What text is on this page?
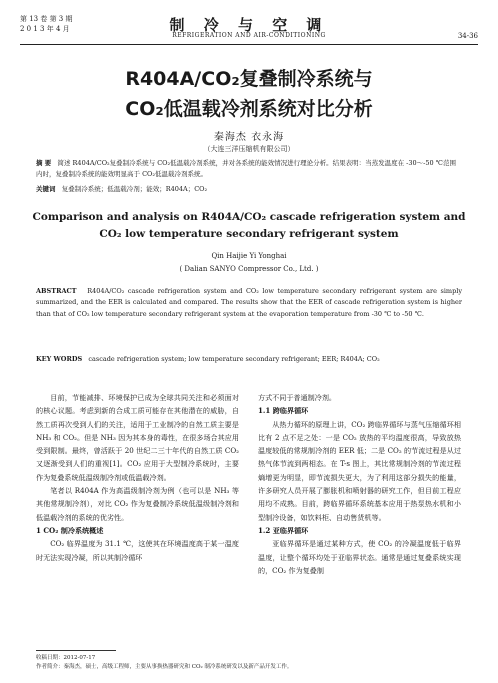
第 13 卷 第 3 期
2 0 1 3 年 4 月	制 冷 与 空 调
REFRIGERATION AND AIR-CONDITIONING	34-36
R404A/CO₂复叠制冷系统与
CO₂低温载冷剂系统对比分析
秦海杰 衣永海
（大连三洋压缩机有限公司）
摘 要 简述 R404A/CO₂复叠制冷系统与 CO₂低温载冷剂系统，并对各系统的能效情况进行理论分析。结果表明：当蒸发温度在 -30～-50 ℃范围内时，复叠制冷系统的能效明显高于 CO₂低温载冷剂系统。
关键词 复叠制冷系统；低温载冷剂；能效；R404A；CO₂
Comparison and analysis on R404A/CO₂ cascade refrigeration system and
CO₂ low temperature secondary refrigerant system
Qin Haijie Yi Yonghai
( Dalian SANYO Compressor Co., Ltd. )
ABSTRACT R404A/CO₂ cascade refrigeration system and CO₂ low temperature secondary refrigerant system are simply summarized, and the EER is calculated and compared. The results show that the EER of cascade refrigeration system is higher than that of CO₂ low temperature secondary refrigerant system at the evaporation temperature from -30 ℃ to -50 ℃.
KEY WORDS cascade refrigeration system; low temperature secondary refrigerant; EER; R404A; CO₂

目前，节能减排、环境保护已成为全球共同关注和必须面对的核心议题。考虑到新的合成工质可能存在其他潜在的威胁，自然工质再次受到人们的关注，适用于工业制冷的自然工质主要是 NH₃ 和 CO₂。但是 NH₃ 因为其本身的毒性，在很多场合其应用受到限制。最终，曾活跃于 20 世纪二三十年代的自然工质 CO₂ 又逐渐受到人们的重视[1]。CO₂ 应用于大型制冷系统时，主要作为复叠系统低温级制冷剂或低温载冷剂。

笔者以 R404A 作为高温级制冷剂为例（也可以是 NH₃ 等其他常规制冷剂），对比 CO₂ 作为复叠制冷系统低温级制冷剂和低温载冷剂的系统的优劣性。

1 CO₂ 制冷系统概述

CO₂ 临界温度为 31.1 ℃，这使其在环境温度高于某一温度时无法实现冷凝，所以其制冷循环

方式不同于普通制冷剂。

1.1 跨临界循环

从热力循环的原理上讲，CO₂ 跨临界循环与蒸气压缩循环相比有 2 点不足之处：一是 CO₂ 放热的平均温度很高，导致放热温度较低的常规制冷剂的 EER 低；二是 CO₂ 的节流过程是从过热气体节流到两相态。在 T-s 图上，其比常规制冷剂的节流过程熵增更为明显，即节流损失更大，为了利用这部分损失的能量，许多研究人员开展了膨胀机和喷射器的研究工作，但目前工程应用均不成熟。目前，跨临界循环系统基本应用于热泵热水机和小型制冷设备，如饮料柜、自动售货机等。

1.2 亚临界循环

亚临界循环是通过某种方式，使 CO₂ 的冷凝温度低于临界温度，让整个循环均处于亚临界状态。通常是通过复叠系统实现的，CO₂ 作为复叠制

收稿日期：2012-07-17
作者简介：秦海杰，硕士，高级工程师，主要从事换热器研究和 CO₂ 制冷系统研发以及新产品开发工作。
